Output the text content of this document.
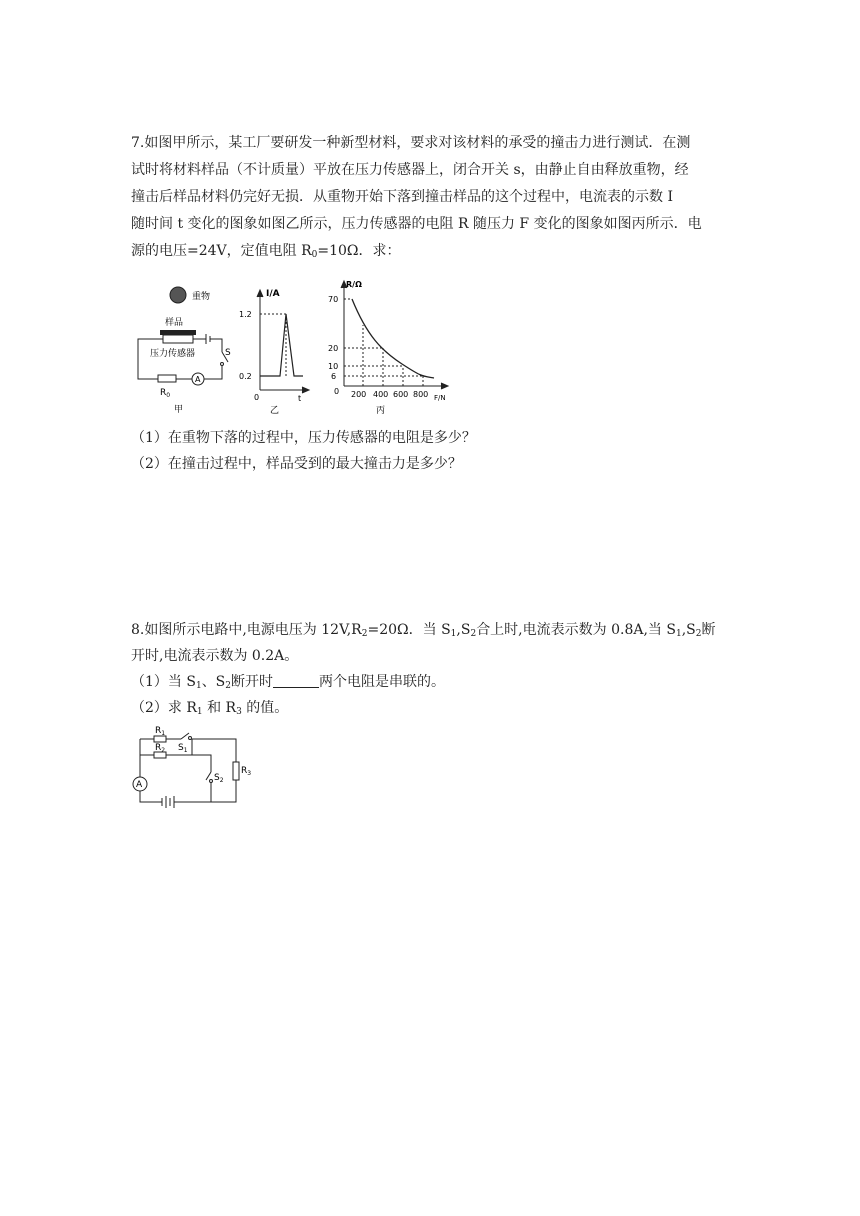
7.如图甲所示，某工厂要研发一种新型材料，要求对该材料的承受的撞击力进行测试．在测
试时将材料样品（不计质量）平放在压力传感器上，闭合开关 s，由静止自由释放重物，经
撞击后样品材料仍完好无损．从重物开始下落到撞击样品的这个过程中，电流表的示数 I
随时间 t 变化的图象如图乙所示，压力传感器的电阻 R 随压力 F 变化的图象如图丙所示．电
源的电压=24V，定值电阻 $R_0=10\Omega$．求：
重物
样品
S
压力传感器
A
$R_0$
甲
I/A
1.2
0.2
0	t
乙
R/Ω
70
20
10
6
0 200 400 600 800 F/N
丙
（1）在重物下落的过程中，压力传感器的电阻是多少？
（2）在撞击过程中，样品受到的最大撞击力是多少？
8.如图所示电路中,电源电压为 $12V,R_2=20\Omega$．当 $S_1,S_2$合上时,电流表示数为 0.8A,当 $S_1,S_2$断
开时,电流表示数为 0.2A。
（1）当 $S_1$、$S_2$断开时	两个电阻是串联的。
（2）求 $R_1$ 和 $R_3$ 的值。
A
$R_1$
$R_2$ $S_1$
$S_2$
$R_3$
